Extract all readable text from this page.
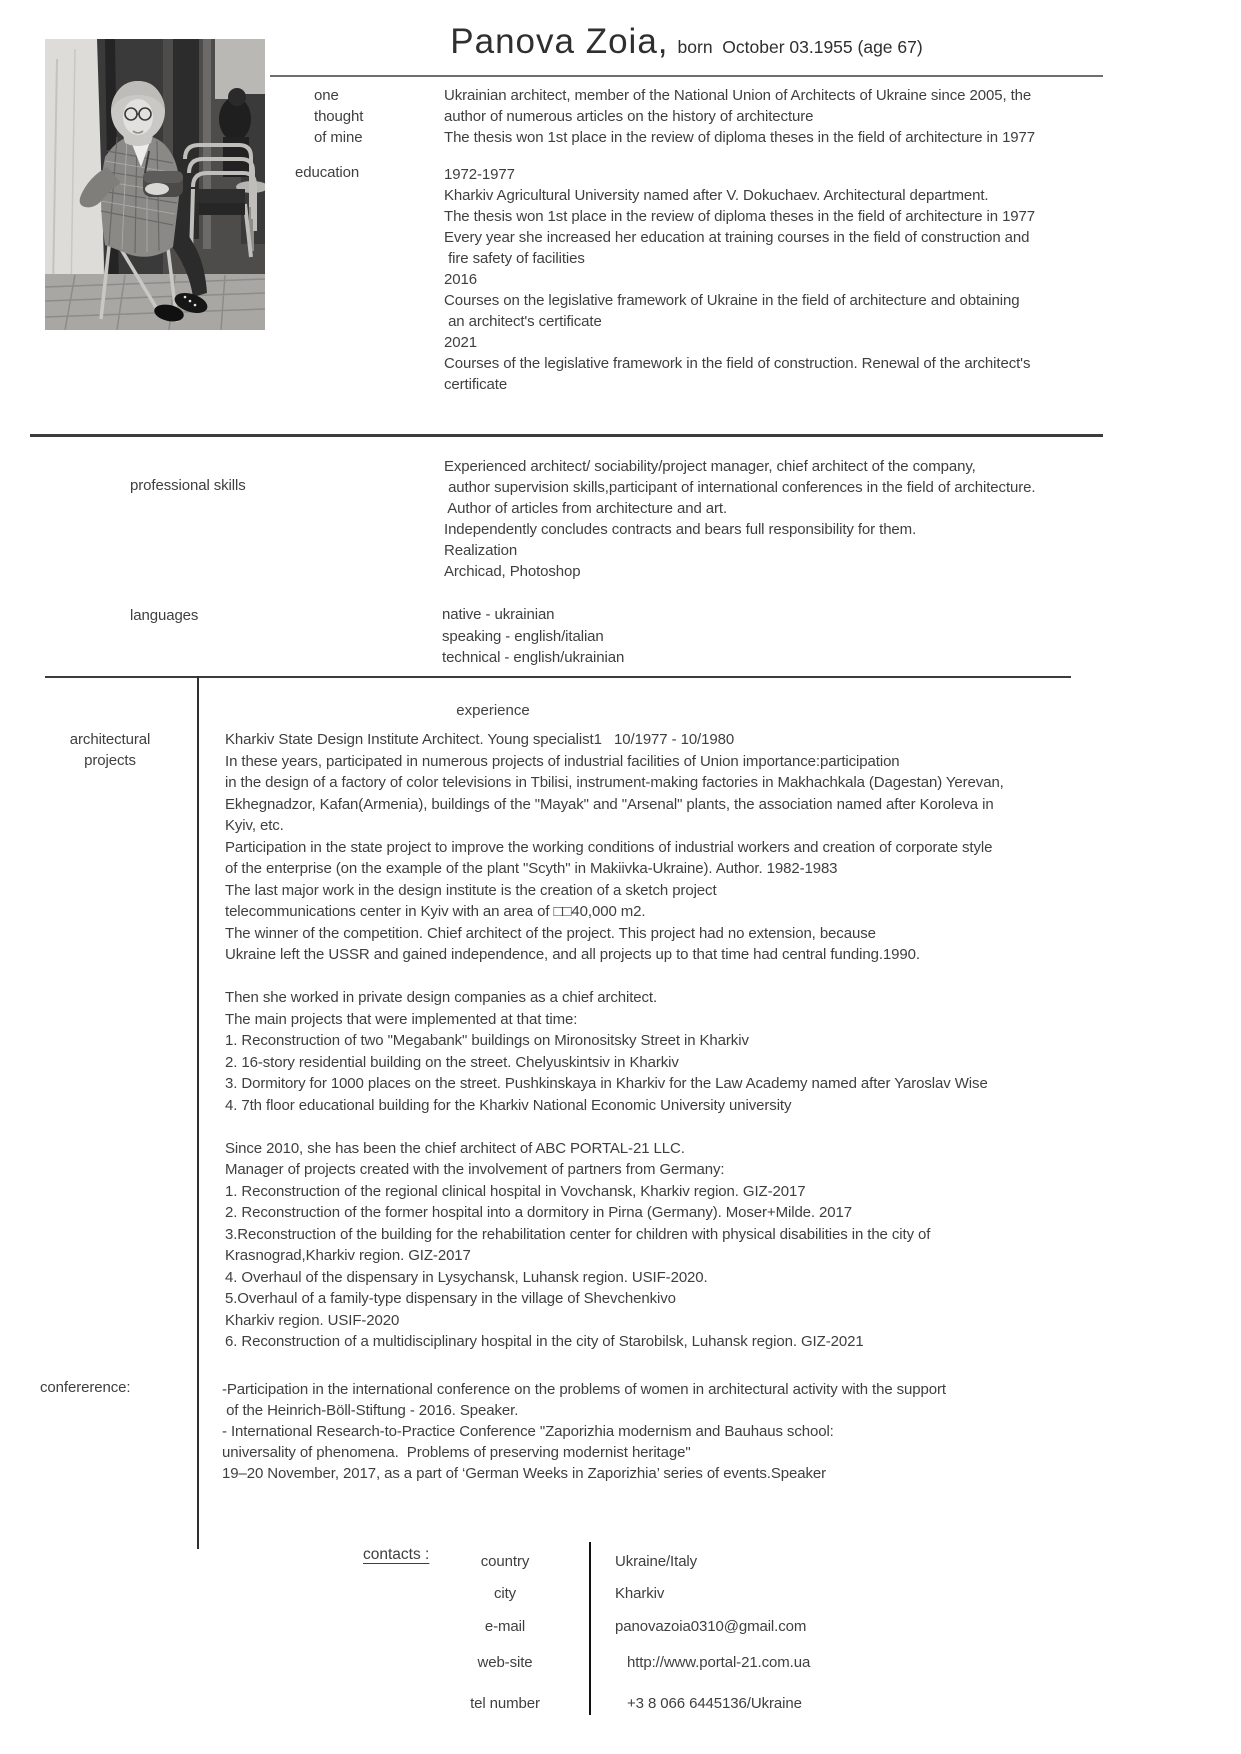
Panova Zoia, born  October 03.1955 (age 67)
one
thought
of mine
Ukrainian architect, member of the National Union of Architects of Ukraine since 2005, the
author of numerous articles on the history of architecture
The thesis won 1st place in the review of diploma theses in the field of architecture in 1977
education	1972-1977
Kharkiv Agricultural University named after V. Dokuchaev. Architectural department.
The thesis won 1st place in the review of diploma theses in the field of architecture in 1977
Every year she increased her education at training courses in the field of construction and
fire safety of facilities
2016
Courses on the legislative framework of Ukraine in the field of architecture and obtaining
an architect's certificate
2021
Courses of the legislative framework in the field of construction. Renewal of the architect's
certificate
professional skills
Experienced architect/ sociability/project manager, chief architect of the company,
author supervision skills,participant of international conferences in the field of architecture.
Author of articles from architecture and art.
Independently concludes contracts and bears full responsibility for them.
Realization
Archicad, Photoshop
languages	native - ukrainian
speaking - english/italian
technical - english/ukrainian
experience
architectural
projects
Kharkiv State Design Institute Architect. Young specialist1   10/1977 - 10/1980
In these years, participated in numerous projects of industrial facilities of Union importance:participation
in the design of a factory of color televisions in Tbilisi, instrument-making factories in Makhachkala (Dagestan) Yerevan,
Ekhegnadzor, Kafan(Armenia), buildings of the "Mayak" and "Arsenal" plants, the association named after Koroleva in
Kyiv, etc.
Participation in the state project to improve the working conditions of industrial workers and creation of corporate style
of the enterprise (on the example of the plant "Scyth" in Makiivka-Ukraine). Author. 1982-1983
The last major work in the design institute is the creation of a sketch project
telecommunications center in Kyiv with an area of □□40,000 m2.
The winner of the competition. Chief architect of the project. This project had no extension, because
Ukraine left the USSR and gained independence, and all projects up to that time had central funding.1990.
Then she worked in private design companies as a chief architect.
The main projects that were implemented at that time:
1. Reconstruction of two "Megabank" buildings on Mironositsky Street in Kharkiv
2. 16-story residential building on the street. Chelyuskintsiv in Kharkiv
3. Dormitory for 1000 places on the street. Pushkinskaya in Kharkiv for the Law Academy named after Yaroslav Wise
4. 7th floor educational building for the Kharkiv National Economic University university
Since 2010, she has been the chief architect of ABC PORTAL-21 LLC.
Manager of projects created with the involvement of partners from Germany:
1. Reconstruction of the regional clinical hospital in Vovchansk, Kharkiv region. GIZ-2017
2. Reconstruction of the former hospital into a dormitory in Pirna (Germany). Moser+Milde. 2017
3.Reconstruction of the building for the rehabilitation center for children with physical disabilities in the city of
Krasnograd,Kharkiv region. GIZ-2017
4. Overhaul of the dispensary in Lysychansk, Luhansk region. USIF-2020.
5.Overhaul of a family-type dispensary in the village of Shevchenkivo
Kharkiv region. USIF-2020
6. Reconstruction of a multidisciplinary hospital in the city of Starobilsk, Luhansk region. GIZ-2021
confererence:	-Participation in the international conference on the problems of women in architectural activity with the support
of the Heinrich-Böll-Stiftung - 2016. Speaker.
- International Research-to-Practice Conference "Zaporizhia modernism and Bauhaus school:
universality of phenomena.  Problems of preserving modernist heritage"
19–20 November, 2017, as a part of ‘German Weeks in Zaporizhia’ series of events.Speaker
contacts :	country	Ukraine/Italy
city	Kharkiv
e-mail	panovazoia0310@gmail.com
web-site	http://www.portal-21.com.ua
tel number	+3 8 066 6445136/Ukraine
